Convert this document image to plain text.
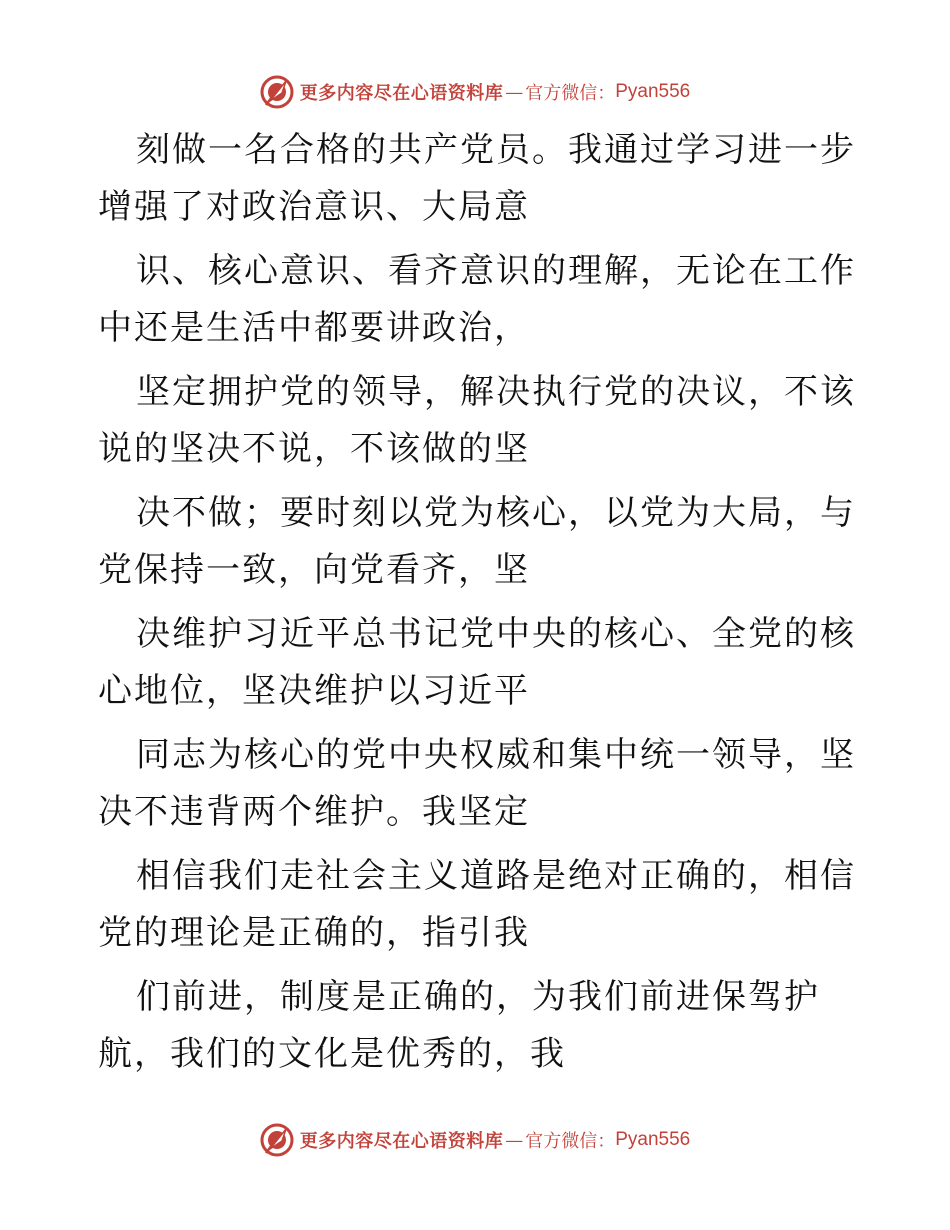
更多内容尽在心语资料库 — 官方微信： Pyan556

刻做一名合格的共产党员。我通过学习进一步增强了对政治意识、大局意

识、核心意识、看齐意识的理解，无论在工作中还是生活中都要讲政治，

坚定拥护党的领导，解决执行党的决议，不该说的坚决不说，不该做的坚

决不做；要时刻以党为核心，以党为大局，与党保持一致，向党看齐，坚

决维护习近平总书记党中央的核心、全党的核心地位，坚决维护以习近平

同志为核心的党中央权威和集中统一领导，坚决不违背两个维护。我坚定

相信我们走社会主义道路是绝对正确的，相信党的理论是正确的，指引我

们前进，制度是正确的，为我们前进保驾护航，我们的文化是优秀的，我

更多内容尽在心语资料库 — 官方微信： Pyan556
